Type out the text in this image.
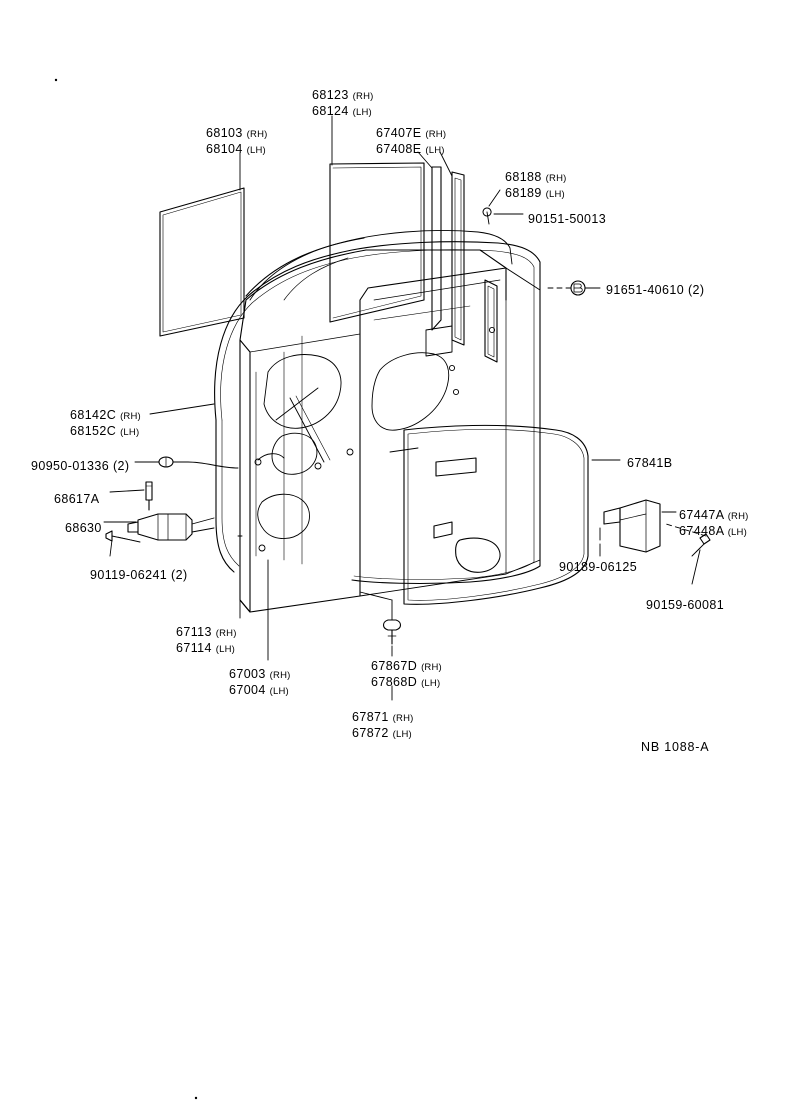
68123 (RH)
68124 (LH)
68103 (RH)
68104 (LH)
67407E (RH)
67408E (LH)
68188 (RH)
68189 (LH)
90151-50013
91651-40610 (2)
68142C (RH)
68152C (LH)
90950-01336 (2)	67841B
68617A
68630
67447A (RH)
67448A (LH)
90119-06241 (2)
90189-06125
90159-60081
67113 (RH)
67114 (LH)
67003 (RH)
67004 (LH)
67867D (RH)
67868D (LH)
67871 (RH)
67872 (LH)
NB 1088-A
